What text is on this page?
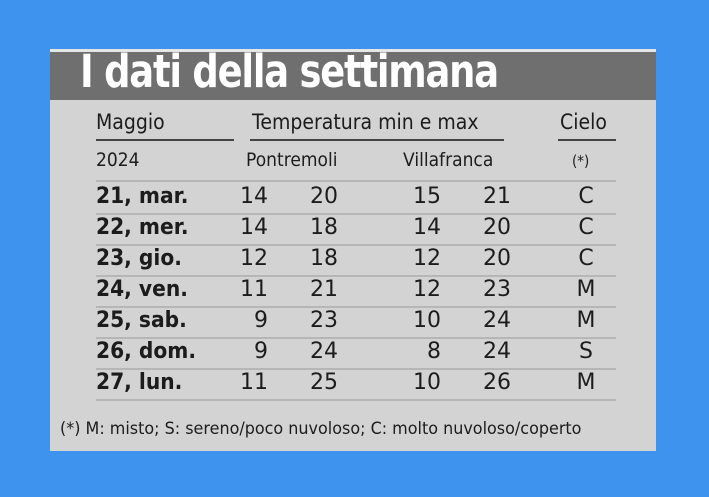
I dati della settimana
Maggio	Temperatura min e max	Cielo
2024	Pontremoli	Villafranca	(*)
21, mar.	14	20	15	21	C
22, mer.	14	18	14	20	C
23, gio.	12	18	12	20	C
24, ven.	11	21	12	23	M
25, sab.	9	23	10	24	M
26, dom.	9	24	8	24	S
27, lun.	11	25	10	26	M
(*) M: misto; S: sereno/poco nuvoloso; C: molto nuvoloso/coperto
